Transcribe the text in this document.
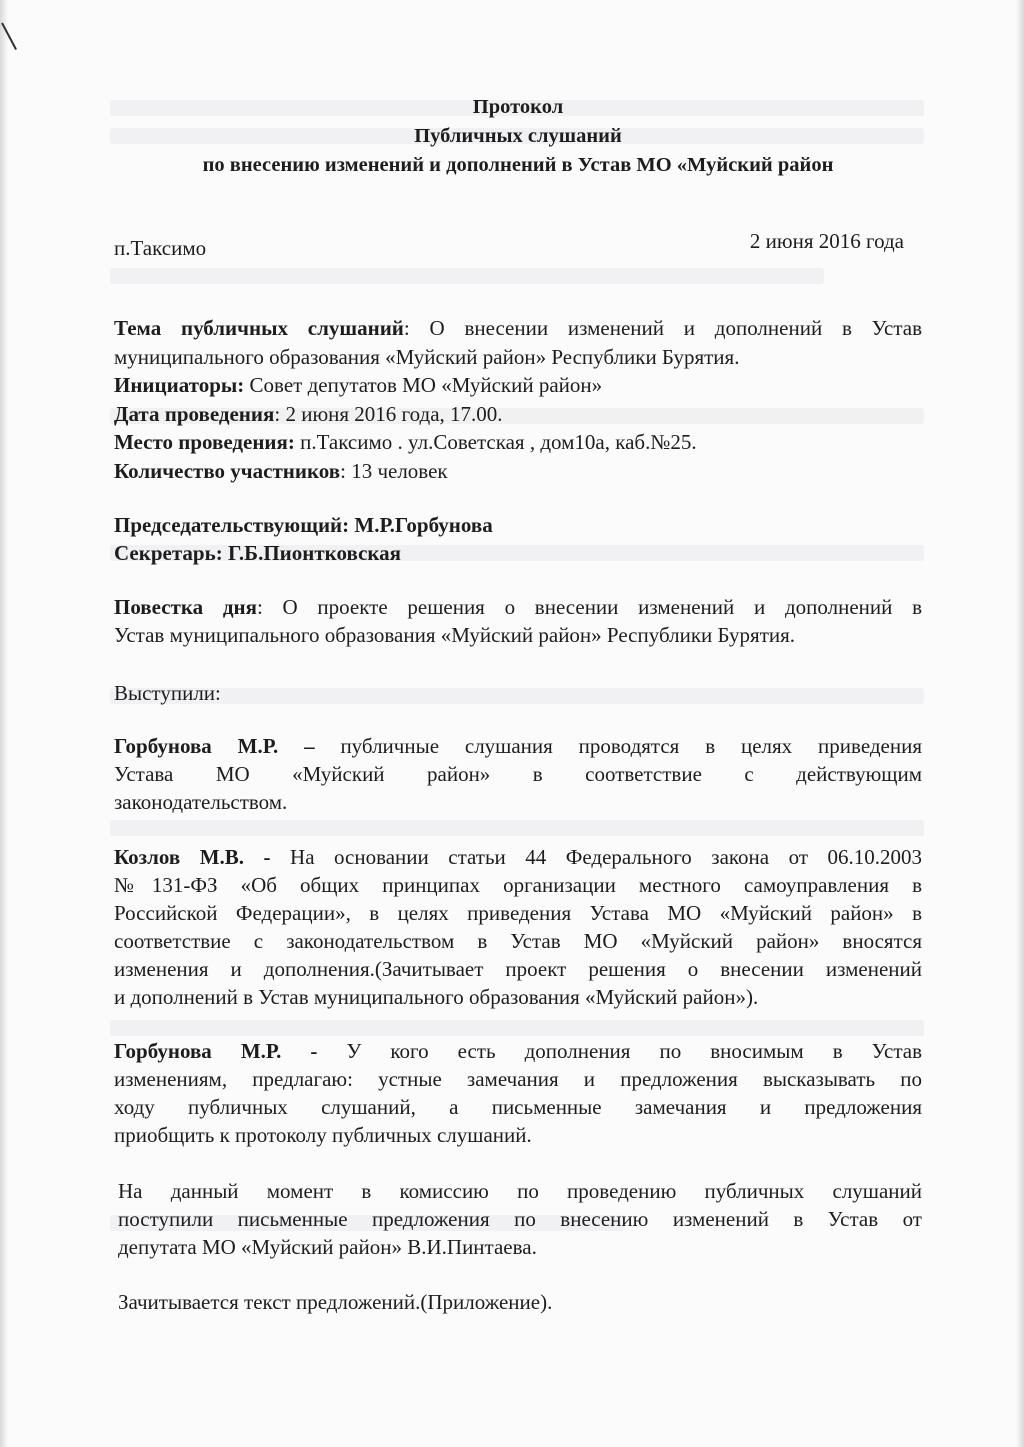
Протокол
Публичных слушаний
по внесению изменений и дополнений в Устав МО «Муйский район
п.Таксимо	2 июня 2016 года
Тема публичных слушаний: О внесении изменений и дополнений в Устав
муниципального образования «Муйский район» Республики Бурятия.
Инициаторы: Совет депутатов МО «Муйский район»
Дата проведения: 2 июня 2016 года, 17.00.
Место проведения: п.Таксимо . ул.Советская , дом10а, каб.№25.
Количество участников: 13 человек
Председательствующий: М.Р.Горбунова
Секретарь: Г.Б.Пионтковская
Повестка дня: О проекте решения о внесении изменений и дополнений в
Устав муниципального образования «Муйский район» Республики Бурятия.
Выступили:
Горбунова М.Р. – публичные слушания проводятся в целях приведения
Устава МО «Муйский район» в соответствие с действующим
законодательством.
Козлов М.В. - На основании статьи 44 Федерального закона от 06.10.2003
№131-ФЗ «Об общих принципах организации местного самоуправления в
Российской Федерации», в целях приведения Устава МО «Муйский район» в
соответствие с законодательством в Устав МО «Муйский район» вносятся
изменения и дополнения.(Зачитывает проект решения о внесении изменений
и дополнений в Устав муниципального образования «Муйский район»).
Горбунова М.Р. - У кого есть дополнения по вносимым в Устав
изменениям, предлагаю: устные замечания и предложения высказывать по
ходу публичных слушаний, а письменные замечания и предложения
приобщить к протоколу публичных слушаний.
На данный момент в комиссию по проведению публичных слушаний
поступили письменные предложения по внесению изменений в Устав от
депутата МО «Муйский район» В.И.Пинтаева.
Зачитывается текст предложений.(Приложение).
